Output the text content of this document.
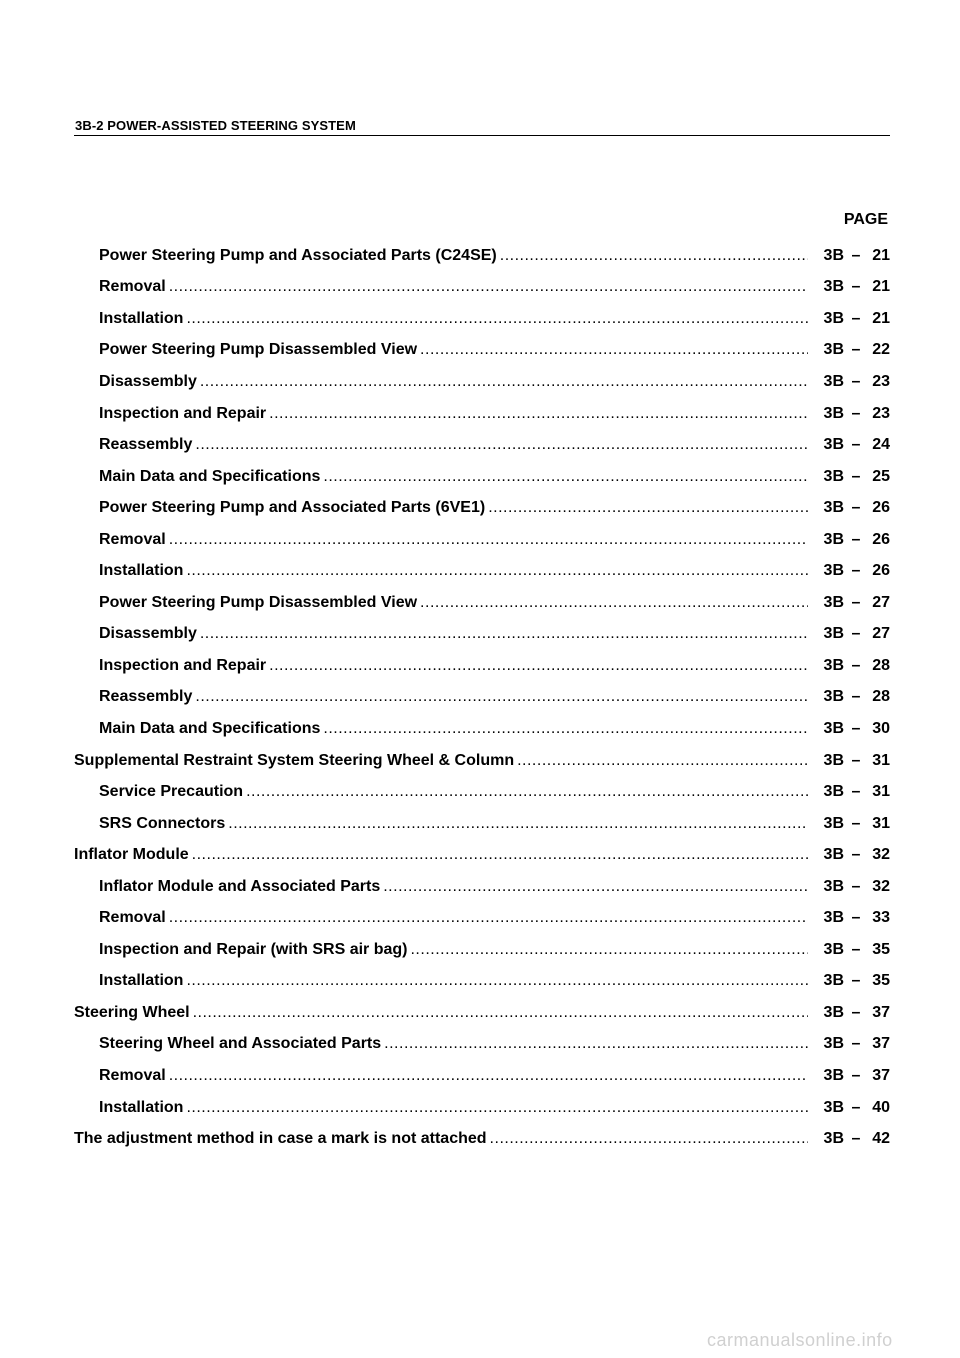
3B-2 POWER-ASSISTED STEERING SYSTEM
PAGE
Power Steering Pump and Associated Parts (C24SE) .....	3B – 21
Removal .....	3B – 21
Installation .....	3B – 21
Power Steering Pump Disassembled View .....	3B – 22
Disassembly .....	3B – 23
Inspection and Repair .....	3B – 23
Reassembly .....	3B – 24
Main Data and Specifications .....	3B – 25
Power Steering Pump and Associated Parts (6VE1) .....	3B – 26
Removal .....	3B – 26
Installation .....	3B – 26
Power Steering Pump Disassembled View .....	3B – 27
Disassembly .....	3B – 27
Inspection and Repair .....	3B – 28
Reassembly .....	3B – 28
Main Data and Specifications .....	3B – 30
Supplemental Restraint System Steering Wheel & Column .....	3B – 31
Service Precaution .....	3B – 31
SRS Connectors .....	3B – 31
Inflator Module .....	3B – 32
Inflator Module and Associated Parts .....	3B – 32
Removal .....	3B – 33
Inspection and Repair (with SRS air bag) .....	3B – 35
Installation .....	3B – 35
Steering Wheel .....	3B – 37
Steering Wheel and Associated Parts .....	3B – 37
Removal .....	3B – 37
Installation .....	3B – 40
The adjustment method in case a mark is not attached .....	3B – 42
carmanualsonline.info
